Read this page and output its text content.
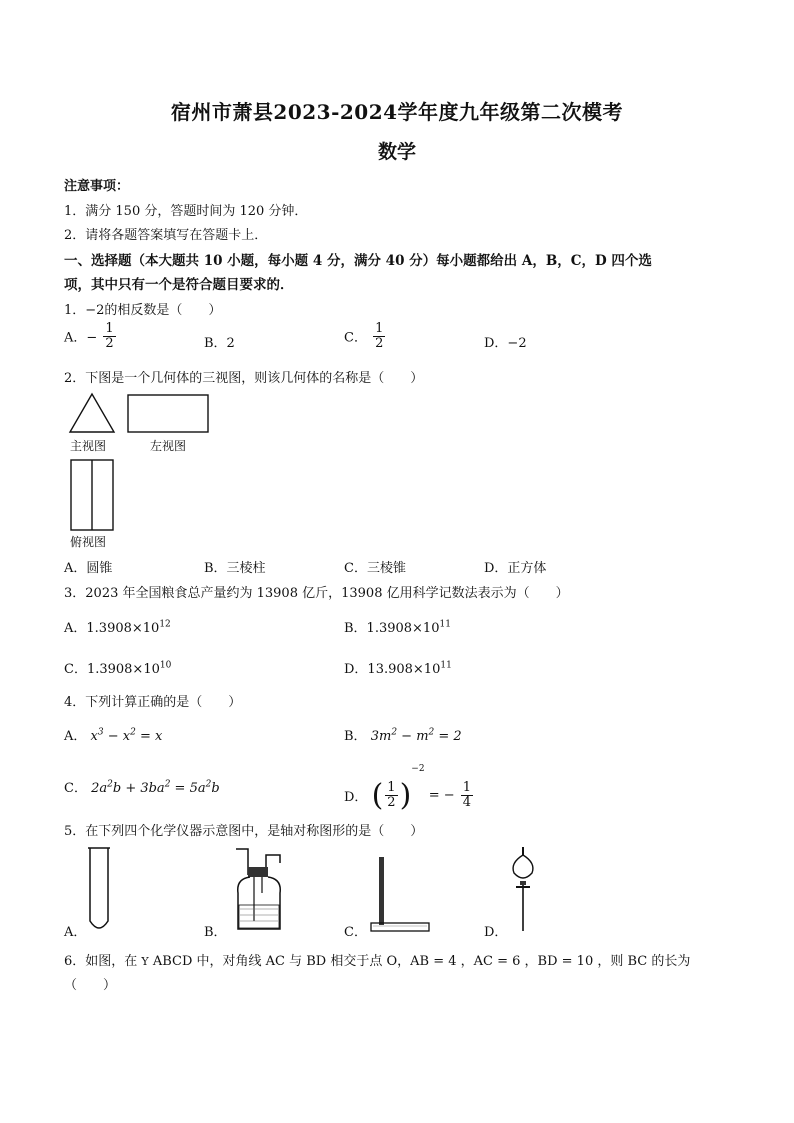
宿州市萧县2023-2024学年度九年级第二次模考
数学
注意事项：
1．满分 150 分，答题时间为 120 分钟．
2．请将各题答案填写在答题卡上．
一、选择题（本大题共 10 小题，每小题 4 分，满分 40 分）每小题都给出 A，B，C，D 四个选
项，其中只有一个是符合题目要求的．
1．−2的相反数是（　　）
A．− $\frac{1}{2}$	B．2	C． $\frac{1}{2}$	D．−2
2．下图是一个几何体的三视图，则该几何体的名称是（　　）
主视图	左视图
俯视图
A．圆锥	B．三棱柱	C．三棱锥	D．正方体
3．2023 年全国粮食总产量约为 13908 亿斤，13908 亿用科学记数法表示为（　　）
A．$1.3908\times 10^{12}$	B．$1.3908\times 10^{11}$
C．$1.3908\times 10^{10}$	D．$13.908\times 10^{11}$
4．下列计算正确的是（　　）
A． $x^3 - x^2 = x$	B． $3m^2 - m^2 = 2$
C． $2a^2b + 3ba^2 = 5a^2b$
D． ( $\frac{1}{2} )^{-2}$ = − $\frac{1}{4}$
5．在下列四个化学仪器示意图中，是轴对称图形的是（　　）
A．	B．	C．	D．
6．如图，在 Y ABCD 中，对角线 AC 与 BD 相交于点 O，AB = 4 ，AC = 6 ，BD = 10 ，则 BC 的长为
（　　）
